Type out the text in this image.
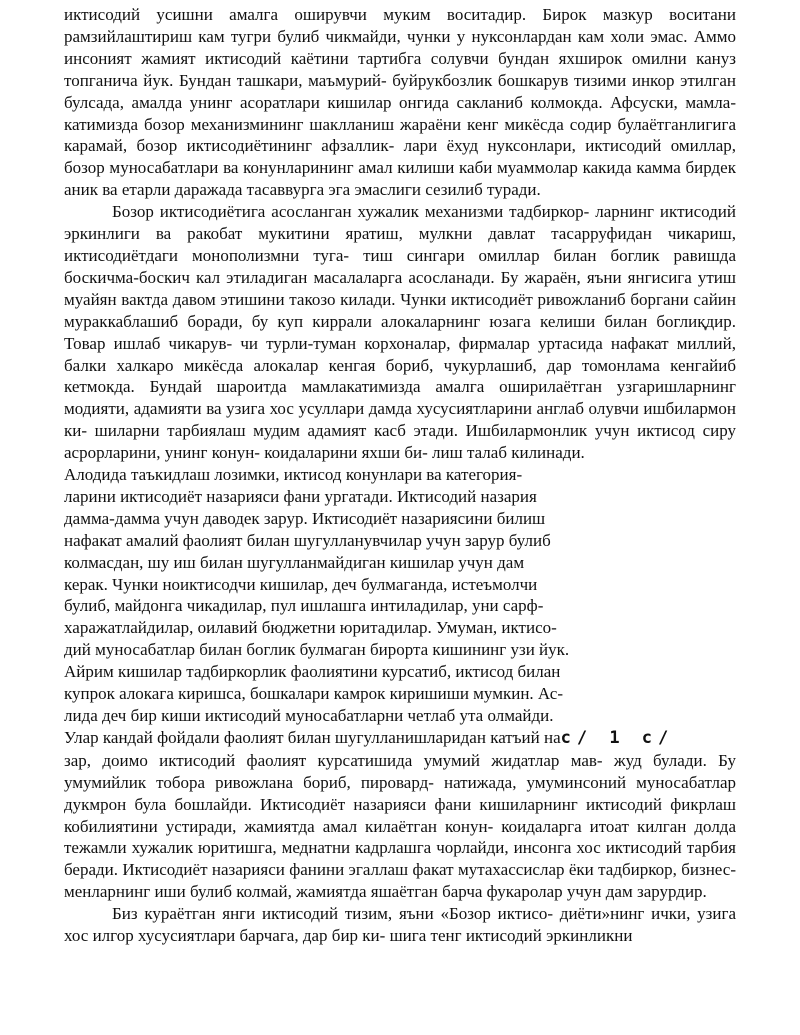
иктисодий усишни амалга оширувчи муким воситадир. Бирок мазкур воситани рамзийлаштириш кам тугри булиб чикмайди, чунки у нуксонлардан кам холи эмас. Аммо инсоният жамият иктисодий каётини тартибга солувчи бундан яхширок омилни кануз топганича йук. Бундан ташкари, маъмурий- буйрукбозлик бошкарув тизими инкор этилган булсада, амалда унинг асоратлари кишилар онгида сакланиб колмокда. Афсуски, мамла- катимизда бозор механизмининг шаклланиш жараёни кенг микёсда содир булаётганлигига карамай, бозор иктисодиётининг афзаллик- лари ёхуд нуксонлари, иктисодий омиллар, бозор муносабатлари ва конунларининг амал килиши каби муаммолар какида камма бирдек аник ва етарли даражада тасаввурга эга эмаслиги сезилиб туради.

Бозор иктисодиётига асосланган хужалик механизми тадбиркор- ларнинг иктисодий эркинлиги ва ракобат мукитини яратиш, мулкни давлат тасарруфидан чикариш, иктисодиётдаги монополизмни туга- тиш сингари омиллар билан боглик равишда боскичма-боскич кал этиладиган масалаларга асосланади. Бу жараён, яъни янгисига утиш муайян вактда давом этишини такозо килади. Чунки иктисодиёт ривожланиб боргани сайин мураккаблашиб боради, бу куп киррали алокаларнинг юзага келиши билан боглиқдир. Товар ишлаб чикарув- чи турли-туман корхоналар, фирмалар уртасида нафакат миллий, балки халкаро микёсда алокалар кенгая бориб, чукурлашиб, дар томонлама кенгайиб кетмокда. Бундай шароитда мамлакатимизда амалга оширилаётган узгаришларнинг модияти, адамияти ва узига хос усуллари дамда хусусиятларини англаб олувчи ишбилармон ки- шиларни тарбиялаш мудим адамият касб этади. Ишбилармонлик учун иктисод сиру асрорларини, унинг конун- коидаларини яхши би- лиш талаб килинади.

Алодида таъкидлаш лозимки, иктисод конунлари ва категория-
ларини иктисодиёт назарияси фани ургатади. Иктисодий назария
дамма-дамма учун даводек зарур. Иктисодиёт назариясини билиш
нафакат амалий фаолият билан шугулланувчилар учун зарур булиб
колмасдан, шу иш билан шугулланмайдиган кишилар учун дам
керак. Чунки ноиктисодчи кишилар, деч булмаганда, истеъмолчи
булиб, майдонга чикадилар, пул ишлашга интиладилар, уни сарф-
харажатлайдилар, оилавий бюджетни юритадилар. Умуман, иктисо-
дий муносабатлар билан боглик булмаган бирорта кишининг узи йук.
Айрим кишилар тадбиркорлик фаолиятини курсатиб, иктисод билан
купрок алокага киришса, бошкалари камрок киришиши мумкин. Ас-
лида деч бир киши иктисодий муносабатларни четлаб ута олмайди.
Улар кандай фойдали фаолият билан шугулланишларидан катъий нас/ 1 с/
зар, доимо иктисодий фаолият курсатишида умумий жидатлар мав- жуд булади. Бу умумийлик тобора ривожлана бориб, пировард- натижада, умуминсоний муносабатлар дукмрон була бошлайди. Иктисодиёт назарияси фани кишиларнинг иктисодий фикрлаш кобилиятини устиради, жамиятда амал килаётган конун- коидаларга итоат килган долда тежамли хужалик юритишга, меднатни кадрлашга чорлайди, инсонга хос иктисодий тарбия беради. Иктисодиёт назарияси фанини эгаллаш факат мутахассислар ёки тадбиркор, бизнес- менларнинг иши булиб колмай, жамиятда яшаётган барча фукаролар учун дам зарурдир.

Биз кураётган янги иктисодий тизим, яъни «Бозор иктисо- диёти»нинг ички, узига хос илгор хусусиятлари барчага, дар бир ки- шига тенг иктисодий эркинликни
